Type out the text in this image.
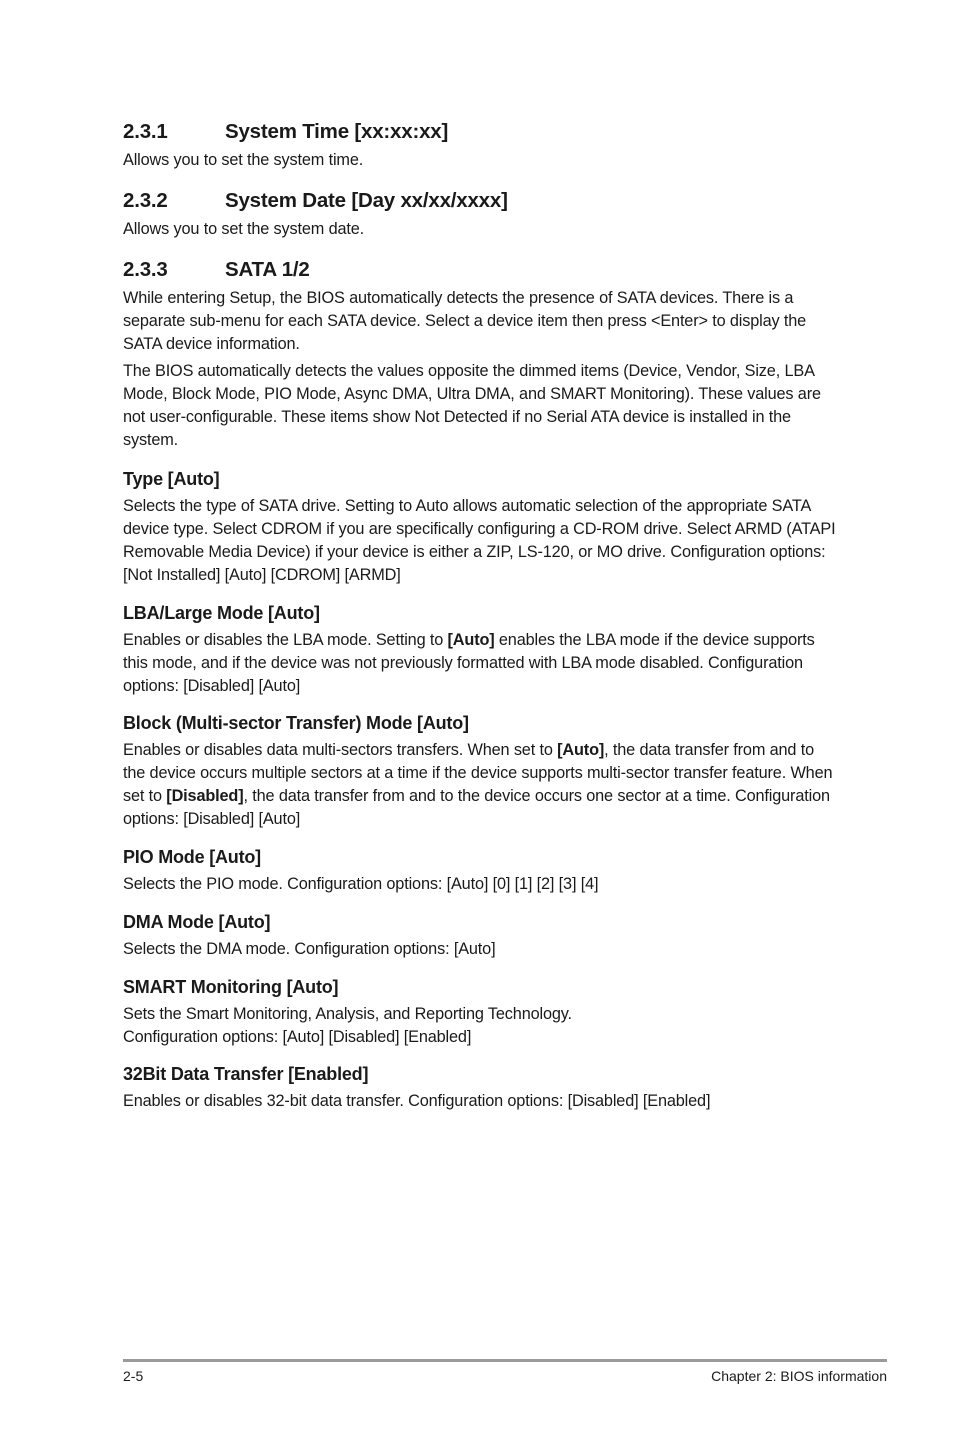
2.3.1	System Time [xx:xx:xx]

Allows you to set the system time.

2.3.2	System Date [Day xx/xx/xxxx]

Allows you to set the system date.

2.3.3	SATA 1/2

While entering Setup, the BIOS automatically detects the presence of SATA devices. There is a separate sub-menu for each SATA device. Select a device item then press <Enter> to display the SATA device information.

The BIOS automatically detects the values opposite the dimmed items (Device, Vendor, Size, LBA Mode, Block Mode, PIO Mode, Async DMA, Ultra DMA, and SMART Monitoring). These values are not user-configurable. These items show Not Detected if no Serial ATA device is installed in the system.

Type [Auto]

Selects the type of SATA drive. Setting to Auto allows automatic selection of the appropriate SATA device type. Select CDROM if you are specifically configuring a CD-ROM drive. Select ARMD (ATAPI Removable Media Device) if your device is either a ZIP, LS-120, or MO drive. Configuration options: [Not Installed] [Auto] [CDROM] [ARMD]

LBA/Large Mode [Auto]

Enables or disables the LBA mode. Setting to [Auto] enables the LBA mode if the device supports this mode, and if the device was not previously formatted with LBA mode disabled. Configuration options: [Disabled] [Auto]

Block (Multi-sector Transfer) Mode [Auto]

Enables or disables data multi-sectors transfers. When set to [Auto], the data transfer from and to the device occurs multiple sectors at a time if the device supports multi-sector transfer feature. When set to [Disabled], the data transfer from and to the device occurs one sector at a time. Configuration options: [Disabled] [Auto]

PIO Mode [Auto]

Selects the PIO mode. Configuration options: [Auto] [0] [1] [2] [3] [4]

DMA Mode [Auto]

Selects the DMA mode. Configuration options: [Auto]

SMART Monitoring [Auto]

Sets the Smart Monitoring, Analysis, and Reporting Technology.
Configuration options: [Auto] [Disabled] [Enabled]

32Bit Data Transfer [Enabled]

Enables or disables 32-bit data transfer. Configuration options: [Disabled] [Enabled]

2-5	Chapter 2: BIOS information
